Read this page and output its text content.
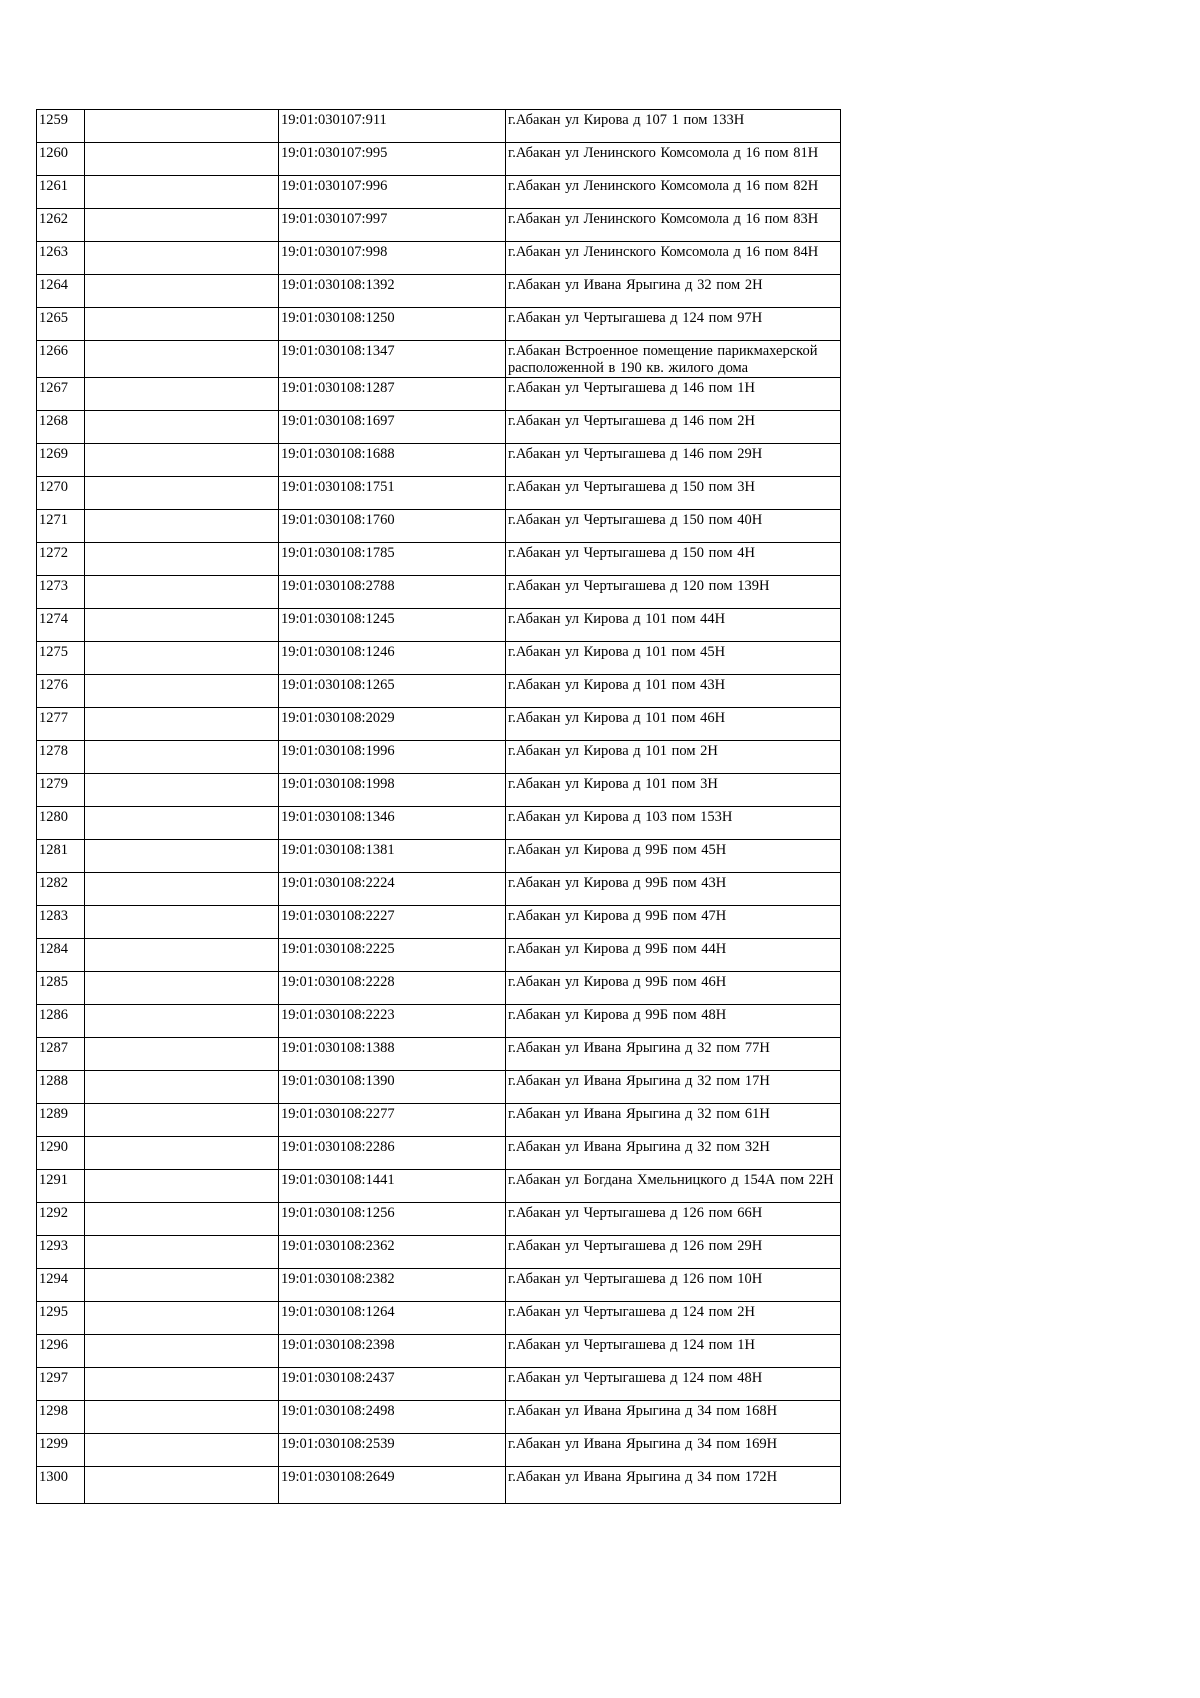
1259		19:01:030107:911	г.Абакан ул Кирова д 107 1 пом 133Н
1260		19:01:030107:995	г.Абакан ул Ленинского Комсомола д 16 пом 81Н
1261		19:01:030107:996	г.Абакан ул Ленинского Комсомола д 16 пом 82Н
1262		19:01:030107:997	г.Абакан ул Ленинского Комсомола д 16 пом 83Н
1263		19:01:030107:998	г.Абакан ул Ленинского Комсомола д 16 пом 84Н
1264		19:01:030108:1392	г.Абакан ул Ивана Ярыгина д 32 пом 2Н
1265		19:01:030108:1250	г.Абакан ул Чертыгашева д 124 пом 97Н
1266		19:01:030108:1347	г.Абакан Встроенное помещение парикмахерской расположенной в 190 кв. жилого дома
1267		19:01:030108:1287	г.Абакан ул Чертыгашева д 146 пом 1Н
1268		19:01:030108:1697	г.Абакан ул Чертыгашева д 146 пом 2Н
1269		19:01:030108:1688	г.Абакан ул Чертыгашева д 146 пом 29Н
1270		19:01:030108:1751	г.Абакан ул Чертыгашева д 150 пом 3Н
1271		19:01:030108:1760	г.Абакан ул Чертыгашева д 150 пом 40Н
1272		19:01:030108:1785	г.Абакан ул Чертыгашева д 150 пом 4Н
1273		19:01:030108:2788	г.Абакан ул Чертыгашева д 120 пом 139Н
1274		19:01:030108:1245	г.Абакан ул Кирова д 101 пом 44Н
1275		19:01:030108:1246	г.Абакан ул Кирова д 101 пом 45Н
1276		19:01:030108:1265	г.Абакан ул Кирова д 101 пом 43Н
1277		19:01:030108:2029	г.Абакан ул Кирова д 101 пом 46Н
1278		19:01:030108:1996	г.Абакан ул Кирова д 101 пом 2Н
1279		19:01:030108:1998	г.Абакан ул Кирова д 101 пом 3Н
1280		19:01:030108:1346	г.Абакан ул Кирова д 103 пом 153Н
1281		19:01:030108:1381	г.Абакан ул Кирова д 99Б пом 45Н
1282		19:01:030108:2224	г.Абакан ул Кирова д 99Б пом 43Н
1283		19:01:030108:2227	г.Абакан ул Кирова д 99Б пом 47Н
1284		19:01:030108:2225	г.Абакан ул Кирова д 99Б пом 44Н
1285		19:01:030108:2228	г.Абакан ул Кирова д 99Б пом 46Н
1286		19:01:030108:2223	г.Абакан ул Кирова д 99Б пом 48Н
1287		19:01:030108:1388	г.Абакан ул Ивана Ярыгина д 32 пом 77Н
1288		19:01:030108:1390	г.Абакан ул Ивана Ярыгина д 32 пом 17Н
1289		19:01:030108:2277	г.Абакан ул Ивана Ярыгина д 32 пом 61Н
1290		19:01:030108:2286	г.Абакан ул Ивана Ярыгина д 32 пом 32Н
1291		19:01:030108:1441	г.Абакан ул Богдана Хмельницкого д 154А пом 22Н
1292		19:01:030108:1256	г.Абакан ул Чертыгашева д 126 пом 66Н
1293		19:01:030108:2362	г.Абакан ул Чертыгашева д 126 пом 29Н
1294		19:01:030108:2382	г.Абакан ул Чертыгашева д 126 пом 10Н
1295		19:01:030108:1264	г.Абакан ул Чертыгашева д 124 пом 2Н
1296		19:01:030108:2398	г.Абакан ул Чертыгашева д 124 пом 1Н
1297		19:01:030108:2437	г.Абакан ул Чертыгашева д 124 пом 48Н
1298		19:01:030108:2498	г.Абакан ул Ивана Ярыгина д 34 пом 168Н
1299		19:01:030108:2539	г.Абакан ул Ивана Ярыгина д 34 пом 169Н
1300		19:01:030108:2649	г.Абакан ул Ивана Ярыгина д 34 пом 172Н
